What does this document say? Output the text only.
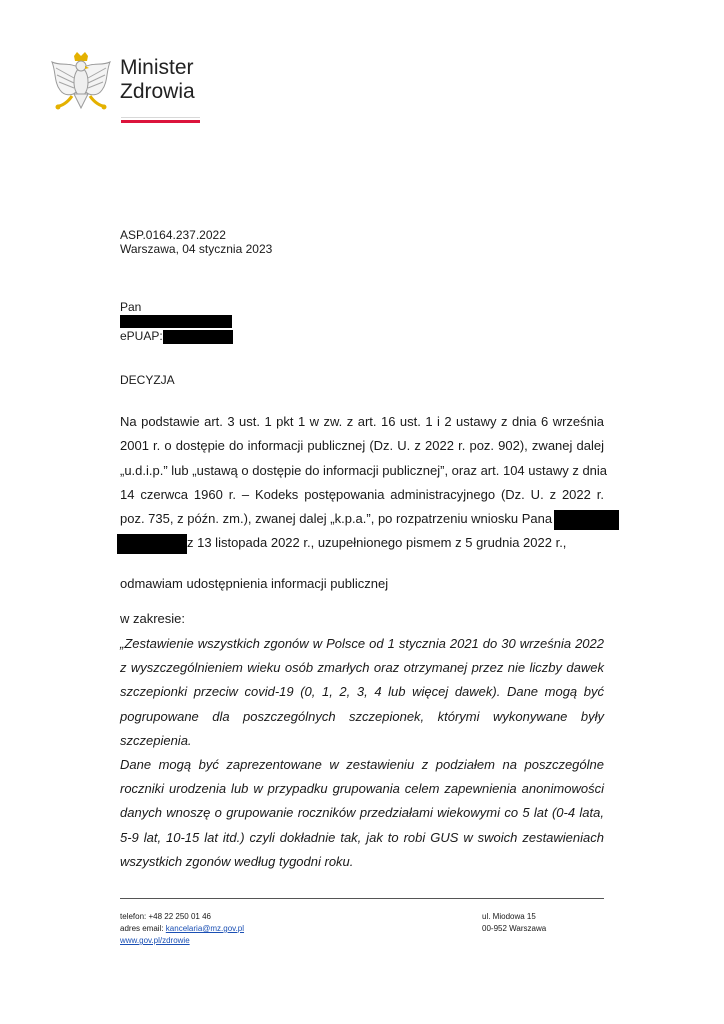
Minister
Zdrowia
ASP.0164.237.2022
Warszawa, 04 stycznia 2023
Pan
ePUAP:
DECYZJA
Na podstawie art. 3 ust. 1 pkt 1 w zw. z art. 16 ust. 1 i 2 ustawy z dnia 6 września
2001 r. o dostępie do informacji publicznej (Dz. U. z 2022 r. poz. 902), zwanej dalej
„u.d.i.p.” lub „ustawą o dostępie do informacji publicznej”, oraz art. 104 ustawy z dnia
14 czerwca 1960 r. – Kodeks postępowania administracyjnego (Dz. U. z 2022 r.
poz. 735, z późn. zm.), zwanej dalej „k.p.a.”, po rozpatrzeniu wniosku Pana
z 13 listopada 2022 r., uzupełnionego pismem z 5 grudnia 2022 r.,
odmawiam udostępnienia informacji publicznej
w zakresie:
„Zestawienie wszystkich zgonów w Polsce od 1 stycznia 2021 do 30 września 2022
z wyszczególnieniem wieku osób zmarłych oraz otrzymanej przez nie liczby dawek
szczepionki przeciw covid-19 (0, 1, 2, 3, 4 lub więcej dawek). Dane mogą być
pogrupowane dla poszczególnych szczepionek, którymi wykonywane były
szczepienia.
Dane mogą być zaprezentowane w zestawieniu z podziałem na poszczególne
roczniki urodzenia lub w przypadku grupowania celem zapewnienia anonimowości
danych wnoszę o grupowanie roczników przedziałami wiekowymi co 5 lat (0-4 lata,
5-9 lat, 10-15 lat itd.) czyli dokładnie tak, jak to robi GUS w swoich zestawieniach
wszystkich zgonów według tygodni roku.
telefon: +48 22 250 01 46
adres email: kancelaria@mz.gov.pl
www.gov.pl/zdrowie
ul. Miodowa 15
00-952 Warszawa
